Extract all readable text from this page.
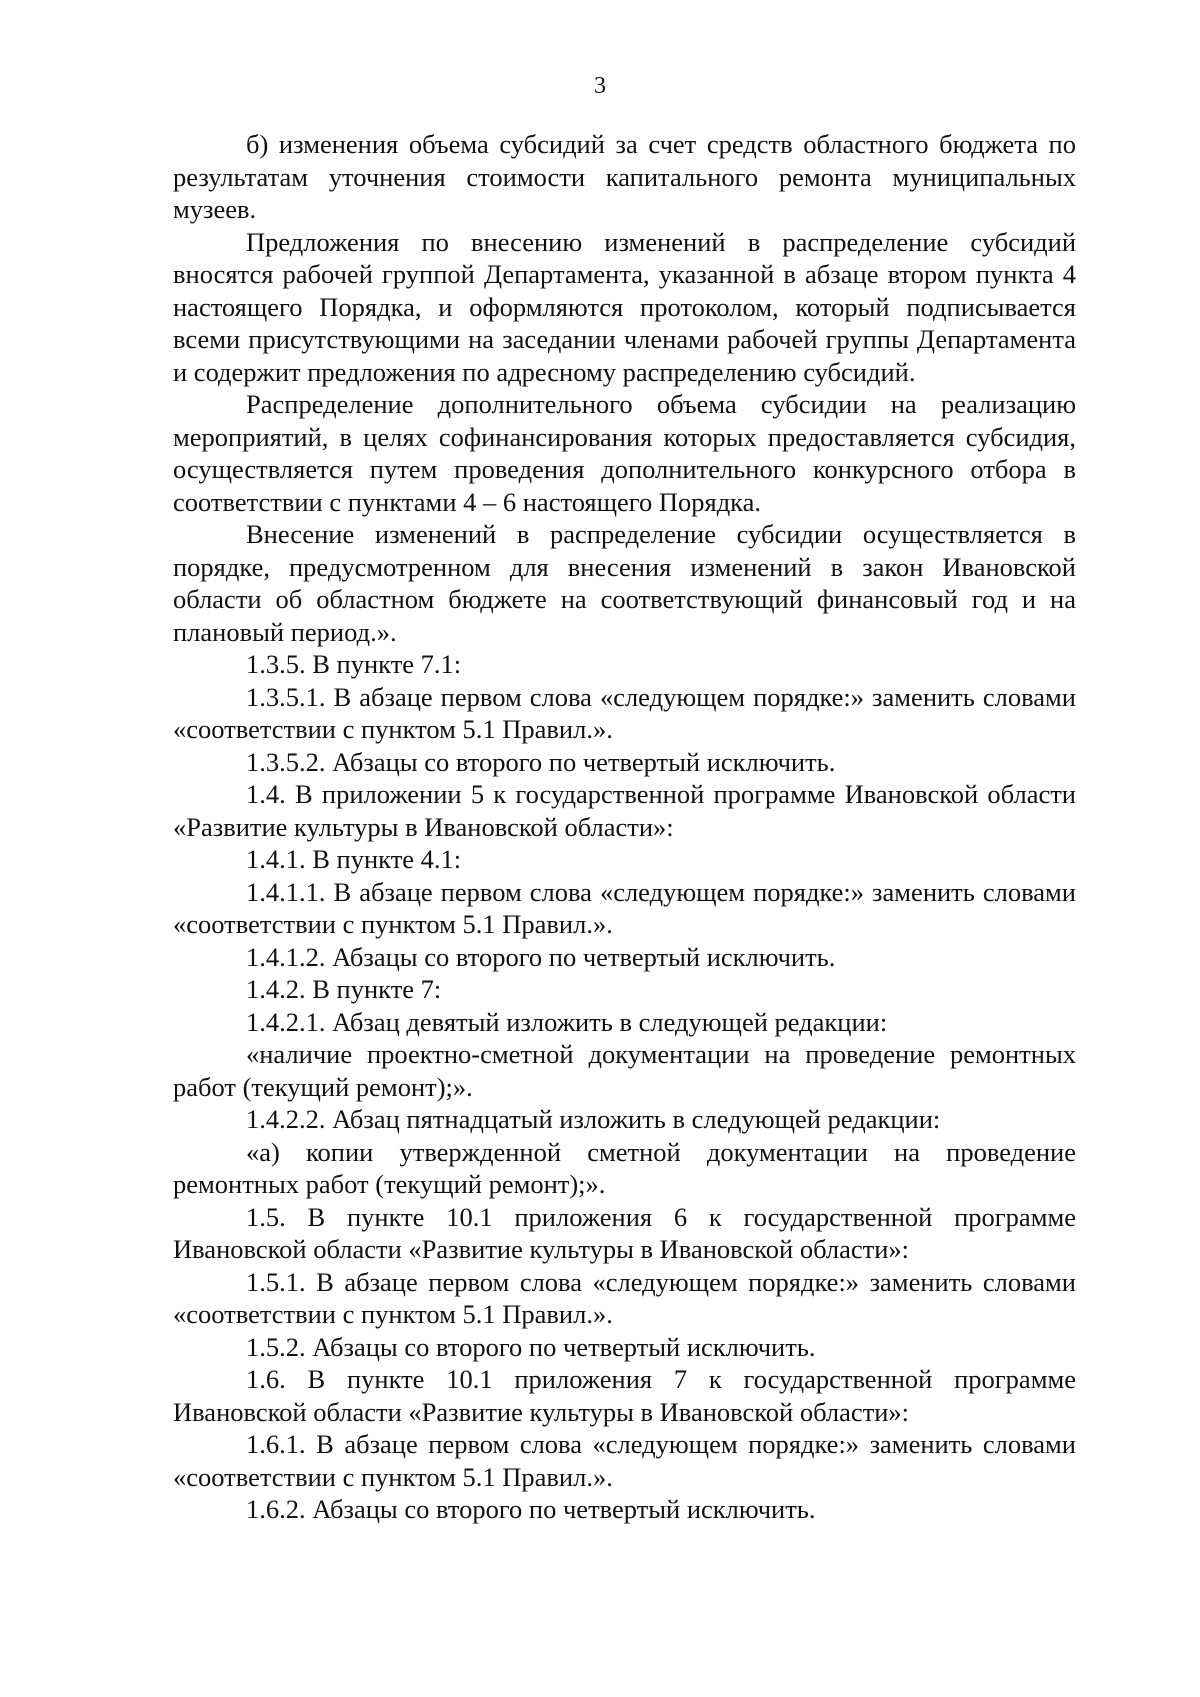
3

б) изменения объема субсидий за счет средств областного бюджета по результатам уточнения стоимости капитального ремонта муниципальных музеев.

Предложения по внесению изменений в распределение субсидий вносятся рабочей группой Департамента, указанной в абзаце втором пункта 4 настоящего Порядка, и оформляются протоколом, который подписывается всеми присутствующими на заседании членами рабочей группы Департамента и содержит предложения по адресному распределению субсидий.

Распределение дополнительного объема субсидии на реализацию мероприятий, в целях софинансирования которых предоставляется субсидия, осуществляется путем проведения дополнительного конкурсного отбора в соответствии с пунктами 4 – 6 настоящего Порядка.

Внесение изменений в распределение субсидии осуществляется в порядке, предусмотренном для внесения изменений в закон Ивановской области об областном бюджете на соответствующий финансовый год и на плановый период.».

1.3.5. В пункте 7.1:

1.3.5.1. В абзаце первом слова «следующем порядке:» заменить словами «соответствии с пунктом 5.1 Правил.».

1.3.5.2. Абзацы со второго по четвертый исключить.

1.4. В приложении 5 к государственной программе Ивановской области «Развитие культуры в Ивановской области»:

1.4.1. В пункте 4.1:

1.4.1.1. В абзаце первом слова «следующем порядке:» заменить словами «соответствии с пунктом 5.1 Правил.».

1.4.1.2. Абзацы со второго по четвертый исключить.

1.4.2. В пункте 7:

1.4.2.1. Абзац девятый изложить в следующей редакции:

«наличие проектно-сметной документации на проведение ремонтных работ (текущий ремонт);».

1.4.2.2. Абзац пятнадцатый изложить в следующей редакции:

«а) копии утвержденной сметной документации на проведение ремонтных работ (текущий ремонт);».

1.5. В пункте 10.1 приложения 6 к государственной программе Ивановской области «Развитие культуры в Ивановской области»:

1.5.1. В абзаце первом слова «следующем порядке:» заменить словами «соответствии с пунктом 5.1 Правил.».

1.5.2. Абзацы со второго по четвертый исключить.

1.6. В пункте 10.1 приложения 7 к государственной программе Ивановской области «Развитие культуры в Ивановской области»:

1.6.1. В абзаце первом слова «следующем порядке:» заменить словами «соответствии с пунктом 5.1 Правил.».

1.6.2. Абзацы со второго по четвертый исключить.
